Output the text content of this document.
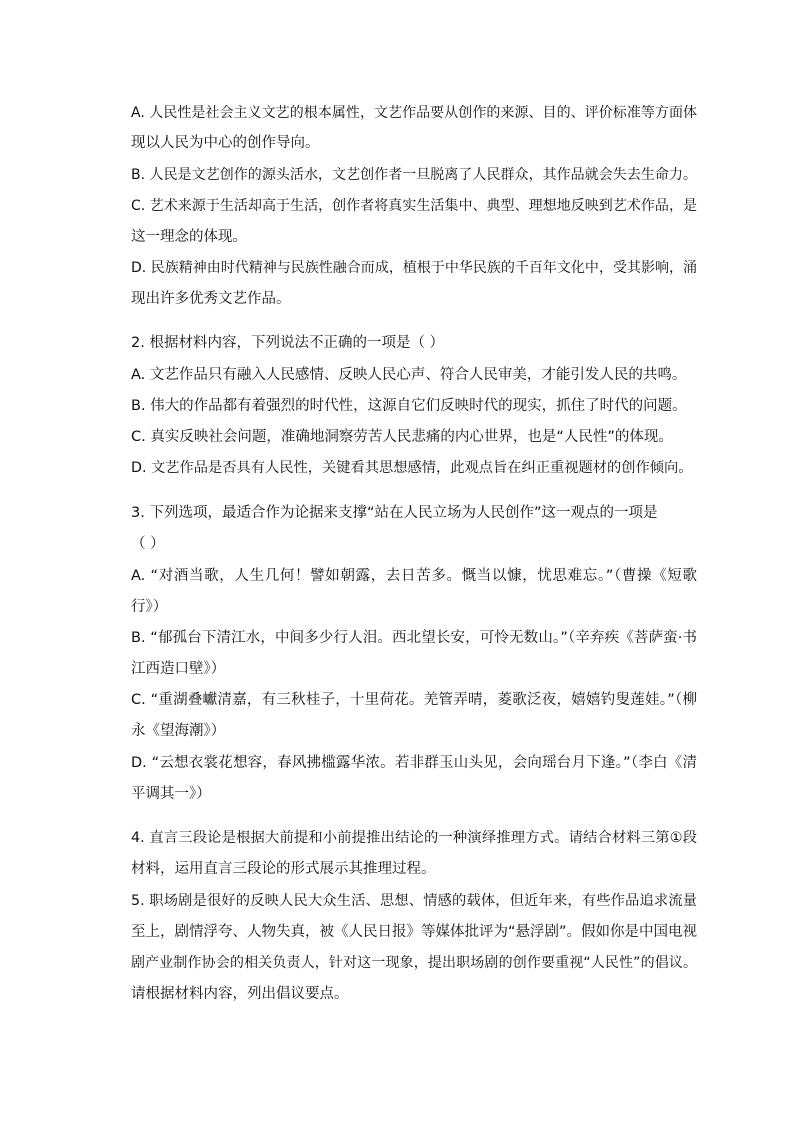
A. 人民性是社会主义文艺的根本属性，文艺作品要从创作的来源、目的、评价标准等方面体
现以人民为中心的创作导向。
B. 人民是文艺创作的源头活水，文艺创作者一旦脱离了人民群众，其作品就会失去生命力。
C. 艺术来源于生活却高于生活，创作者将真实生活集中、典型、理想地反映到艺术作品，是
这一理念的体现。
D. 民族精神由时代精神与民族性融合而成，植根于中华民族的千百年文化中，受其影响，涌
现出许多优秀文艺作品。
2. 根据材料内容，下列说法不正确的一项是（ ）
A. 文艺作品只有融入人民感情、反映人民心声、符合人民审美，才能引发人民的共鸣。
B. 伟大的作品都有着强烈的时代性，这源自它们反映时代的现实，抓住了时代的问题。
C. 真实反映社会问题，准确地洞察劳苦人民悲痛的内心世界，也是“人民性”的体现。
D. 文艺作品是否具有人民性，关键看其思想感情，此观点旨在纠正重视题材的创作倾向。
3. 下列选项，最适合作为论据来支撑“站在人民立场为人民创作”这一观点的一项是
（ ）
A. “对酒当歌，人生几何！譬如朝露，去日苦多。慨当以慷，忧思难忘。”（曹操《短歌
行》）
B. “郁孤台下清江水，中间多少行人泪。西北望长安，可怜无数山。”（辛弃疾《菩萨蛮·书
江西造口壁》）
C. “重湖叠巘清嘉，有三秋桂子，十里荷花。羌管弄晴，菱歌泛夜，嬉嬉钓叟莲娃。”（柳
永《望海潮》）
D. “云想衣裳花想容，春风拂槛露华浓。若非群玉山头见，会向瑶台月下逢。”（李白《清
平调其一》）
4. 直言三段论是根据大前提和小前提推出结论的一种演绎推理方式。请结合材料三第①段
材料，运用直言三段论的形式展示其推理过程。
5. 职场剧是很好的反映人民大众生活、思想、情感的载体，但近年来，有些作品追求流量
至上，剧情浮夸、人物失真，被《人民日报》等媒体批评为“悬浮剧”。假如你是中国电视
剧产业制作协会的相关负责人，针对这一现象，提出职场剧的创作要重视“人民性”的倡议。
请根据材料内容，列出倡议要点。
